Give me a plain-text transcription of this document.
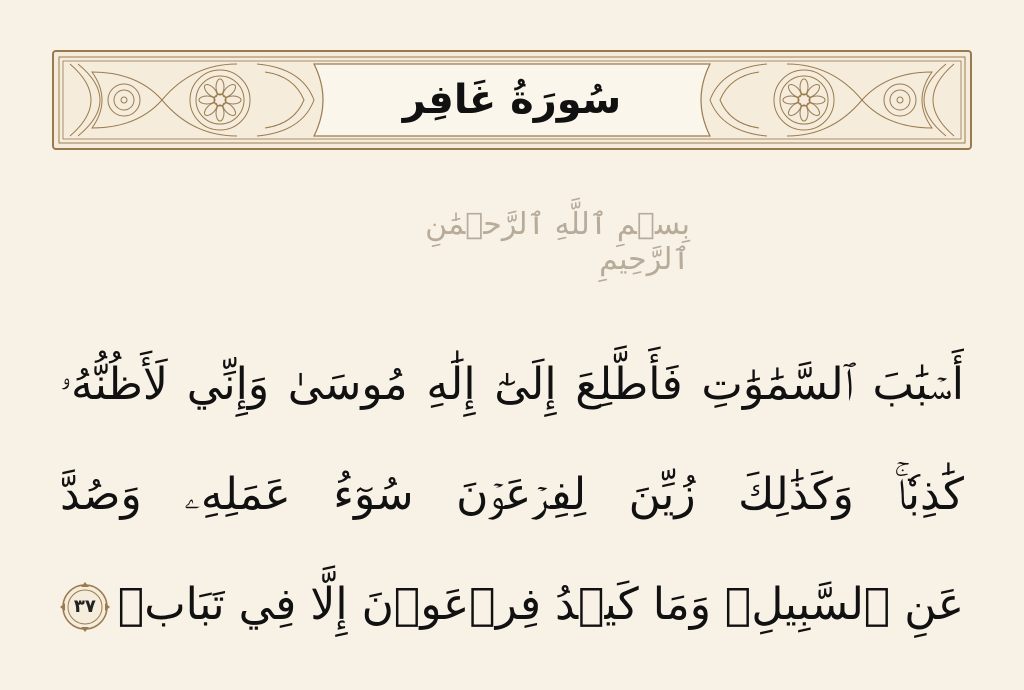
سُورَةُ غَافِر
بِسۡمِ ٱللَّهِ ٱلرَّحۡمَٰنِ ٱلرَّحِيمِ
أَسۡبَٰبَ ٱلسَّمَٰوَٰتِ فَأَطَّلِعَ إِلَىٰٓ إِلَٰهِ مُوسَىٰ وَإِنِّي لَأَظُنُّهُۥ
كَٰذِبٗاۚ وَكَذَٰلِكَ زُيِّنَ لِفِرۡعَوۡنَ سُوٓءُ عَمَلِهِۦ وَصُدَّ
عَنِ ٱلسَّبِيلِۚ وَمَا كَيۡدُ فِرۡعَوۡنَ إِلَّا فِي تَبَابٖ
٣٧
